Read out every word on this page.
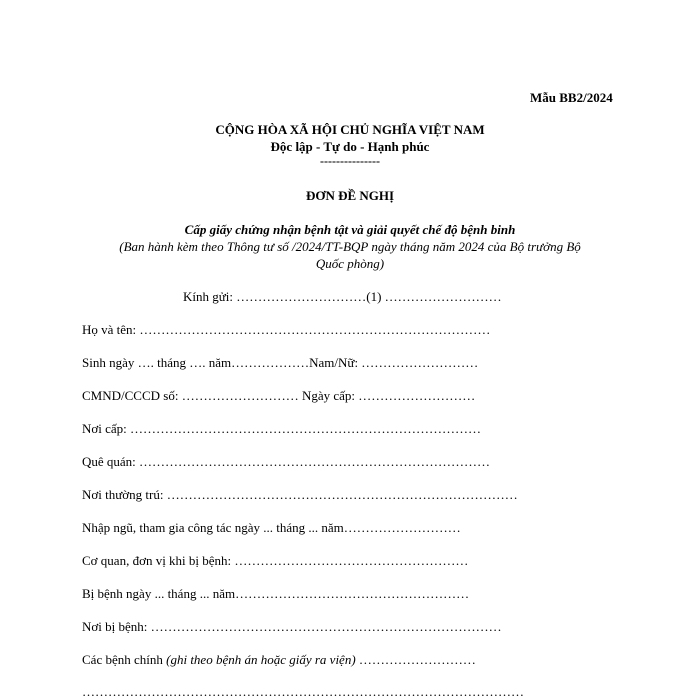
Mẫu BB2/2024
CỘNG HÒA XÃ HỘI CHỦ NGHĨA VIỆT NAM
Độc lập - Tự do - Hạnh phúc
---------------
ĐƠN ĐỀ NGHỊ
Cấp giấy chứng nhận bệnh tật và giải quyết chế độ bệnh binh
(Ban hành kèm theo Thông tư số /2024/TT-BQP ngày tháng năm 2024 của Bộ trưởng Bộ
Quốc phòng)
Kính gửi: …………………………(1) ………………………
Họ và tên: ………………………………………………………………………
Sinh ngày …. tháng …. năm………………Nam/Nữ: ………………………
CMND/CCCD số: ……………………… Ngày cấp: ………………………
Nơi cấp: ………………………………………………………………………
Quê quán: ………………………………………………………………………
Nơi thường trú: ………………………………………………………………………
Nhập ngũ, tham gia công tác ngày ... tháng ... năm………………………
Cơ quan, đơn vị khi bị bệnh: ………………………………………………
Bị bệnh ngày ... tháng ... năm………………………………………………
Nơi bị bệnh: ………………………………………………………………………
Các bệnh chính (ghi theo bệnh án hoặc giấy ra viện) ………………………
…………………………………………………………………………………………
